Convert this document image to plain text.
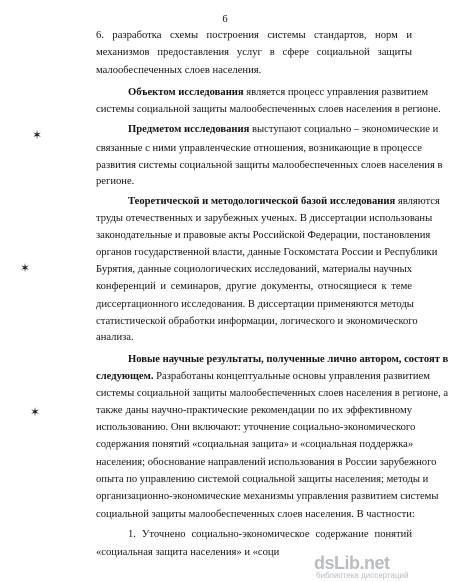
6
6. разработка схемы построения системы стандартов, норм и
механизмов предоставления услуг в сфере социальной защиты
малообеспеченных слоев населения.
Объектом исследования является процесс управления развитием
системы социальной защиты малообеспеченных слоев населения в регионе.
Предметом исследования выступают социально – экономические и
связанные с ними управленческие отношения, возникающие в процессе
развития системы социальной защиты малообеспеченных слоев населения в
регионе.
Теоретической и методологической базой исследования являются
труды отечественных и зарубежных ученых. В диссертации использованы
законодательные и правовые акты Российской Федерации, постановления
органов государственной власти, данные Госкомстата России и Республики
Бурятия, данные социологических исследований, материалы научных
конференций и семинаров, другие документы, относящиеся к теме
диссертационного исследования. В диссертации применяются методы
статистической обработки информации, логического и экономического
анализа.
Новые научные результаты, полученные лично автором, состоят в
следующем. Разработаны концептуальные основы управления развитием
системы социальной защиты малообеспеченных слоев населения в регионе, а
также даны научно-практические рекомендации по их эффективному
использованию. Они включают: уточнение социально-экономического
содержания понятий «социальная защита» и «социальная поддержка»
населения; обоснование направлений использования в России зарубежного
опыта по управлению системой социальной защиты населения; методы и
организационно-экономические механизмы управления развитием системы
социальной защиты малообеспеченных слоев населения. В частности:
1. Уточнено социально-экономическое содержание понятий
«социальная защита населения» и «соци
✶
✶
✶
dsLib.net
библиотека диссертаций
